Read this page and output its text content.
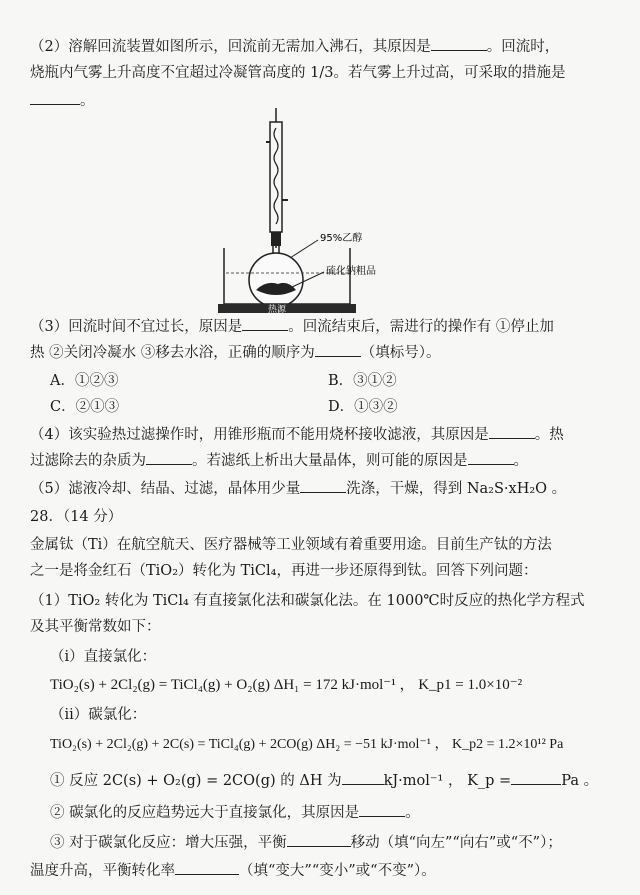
（2）溶解回流装置如图所示，回流前无需加入沸石，其原因是	。回流时，
烧瓶内气雾上升高度不宜超过冷凝管高度的 1/3。若气雾上升过高，可采取的措施是
。
热源
95%乙醇
硫化钠粗品
（3）回流时间不宜过长，原因是	。回流结束后，需进行的操作有 ①停止加
热 ②关闭冷凝水 ③移去水浴，正确的顺序为	（填标号）。
A．①②③	B．③①②
C．②①③	D．①③②
（4）该实验热过滤操作时，用锥形瓶而不能用烧杯接收滤液，其原因是	。热
过滤除去的杂质为	。若滤纸上析出大量晶体，则可能的原因是	。
（5）滤液冷却、结晶、过滤，晶体用少量	洗涤，干燥，得到 Na₂S·xH₂O 。
28．（14 分）
金属钛（Ti）在航空航天、医疗器械等工业领域有着重要用途。目前生产钛的方法
之一是将金红石（TiO₂）转化为 TiCl₄，再进一步还原得到钛。回答下列问题：
（1）TiO₂ 转化为 TiCl₄ 有直接氯化法和碳氯化法。在 1000℃时反应的热化学方程式
及其平衡常数如下：
（i）直接氯化：
TiO₂(s) + 2Cl₂(g) = TiCl₄(g) + O₂(g) ΔH₁ = 172 kJ·mol⁻¹ ， K_p1 = 1.0×10⁻²
（ii）碳氯化：
TiO₂(s) + 2Cl₂(g) + 2C(s) = TiCl₄(g) + 2CO(g) ΔH₂ = −51 kJ·mol⁻¹ ， K_p2 = 1.2×10¹² Pa
① 反应 2C(s) + O₂(g) = 2CO(g) 的 ΔH 为	kJ·mol⁻¹ ， K_p =	Pa 。
② 碳氯化的反应趋势远大于直接氯化，其原因是	。
③ 对于碳氯化反应：增大压强，平衡	移动（填“向左”“向右”或“不”）；
温度升高，平衡转化率	（填“变大”“变小”或“不变”）。
